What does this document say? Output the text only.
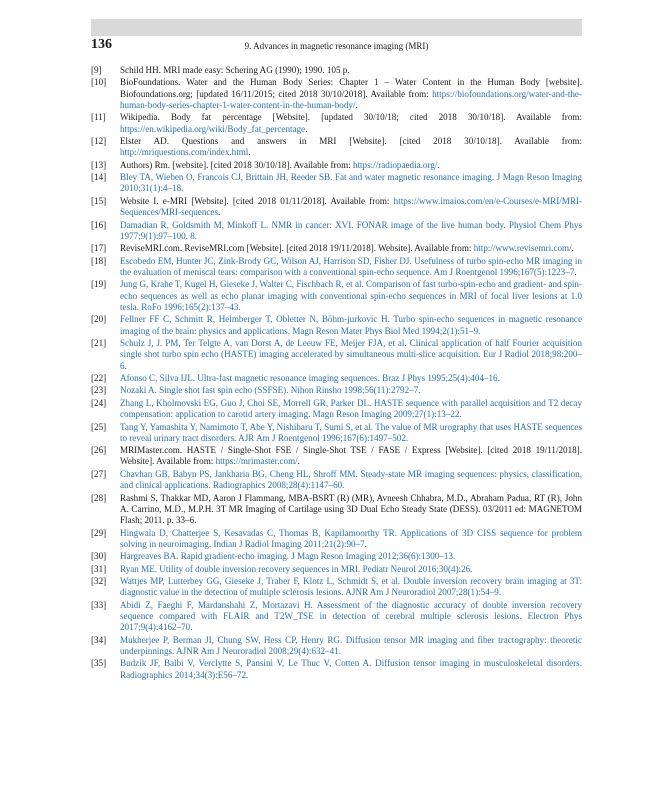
136	9. Advances in magnetic resonance imaging (MRI)
[9]	Schild HH. MRI made easy: Schering AG (1990); 1990. 105 p.
[10]	BioFoundations. Water and the Human Body Series: Chapter 1 – Water Content in the Human Body [website]. Biofoundations.org; [updated 16/11/2015; cited 2018 30/10/2018]. Available from: https://biofoundations.org/water-and-the-human-body-series-chapter-1-water-content-in-the-human-body/.
[11]	Wikipedia. Body fat percentage [Website]. [updated 30/10/18; cited 2018 30/10/18]. Available from: https://en.wikipedia.org/wiki/Body_fat_percentage.
[12]	Elster AD. Questions and answers in MRI [Website]. [cited 2018 30/10/18]. Available from: http://mriquestions.com/index.html.
[13]	Authors) Rm. [website]. [cited 2018 30/10/18]. Available from: https://radiopaedia.org/.
[14]	Bley TA, Wieben O, Francois CJ, Brittain JH, Reeder SB. Fat and water magnetic resonance imaging. J Magn Reson Imaging 2010;31(1):4–18.
[15]	Website I. e-MRI [Website]. [cited 2018 01/11/2018]. Available from: https://www.imaios.com/en/e-Courses/e-MRI/MRI-Sequences/MRI-sequences.
[16]	Damadian R, Goldsmith M, Minkoff L. NMR in cancer: XVI. FONAR image of the live human body. Physiol Chem Phys 1977;9(1):97–100. 8.
[17]	ReviseMRI.com. ReviseMRI.com [Website]. [cited 2018 19/11/2018]. Website]. Available from: http://www.revisemri.com/.
[18]	Escobedo EM, Hunter JC, Zink-Brody GC, Wilson AJ, Harrison SD, Fisher DJ. Usefulness of turbo spin-echo MR imaging in the evaluation of meniscal tears: comparison with a conventional spin-echo sequence. Am J Roentgenol 1996;167(5):1223–7.
[19]	Jung G, Krahe T, Kugel H, Gieseke J, Walter C, Fischbach R, et al. Comparison of fast turbo-spin-echo and gradient- and spin-echo sequences as well as echo planar imaging with conventional spin-echo sequences in MRI of focal liver lesions at 1.0 tesla. RoFo 1996;165(2):137–43.
[20]	Fellner FF C, Schmitt R, Helmberger T, Obletter N, Böhm-jurkovic H. Turbo spin-echo sequences in magnetic resonance imaging of the brain: physics and applications. Magn Reson Mater Phys Biol Med 1994;2(1):51–9.
[21]	Schulz J, J. PM, Ter Telgte A, van Dorst A, de Leeuw FE, Meijer FJA, et al. Clinical application of half Fourier acquisition single shot turbo spin echo (HASTE) imaging accelerated by simultaneous multi-slice acquisition. Eur J Radiol 2018;98:200–6.
[22]	Afonso C, Silva IJL. Ultra-fast magnetic resonance imaging sequences. Braz J Phys 1995;25(4):404–16.
[23]	Nozaki A. Single shot fast spin echo (SSFSE). Nihon Rinsho 1998;56(11):2792–7.
[24]	Zhang L, Kholmovski EG, Guo J, Choi SE, Morrell GR, Parker DL. HASTE sequence with parallel acquisition and T2 decay compensation: application to carotid artery imaging. Magn Reson Imaging 2009;27(1):13–22.
[25]	Tang Y, Yamashita Y, Namimoto T, Abe Y, Nishiharu T, Sumi S, et al. The value of MR urography that uses HASTE sequences to reveal urinary tract disorders. AJR Am J Roentgenol 1996;167(6):1497–502.
[26]	MRIMaster.com. HASTE / Single-Shot FSE / Single-Shot TSE / FASE / Express [Website]. [cited 2018 19/11/2018]. Website]. Available from: https://mrimaster.com/.
[27]	Chavhan GB, Babyn PS, Jankharia BG, Cheng HL, Shroff MM. Steady-state MR imaging sequences: physics, classification, and clinical applications. Radiographics 2008;28(4):1147–60.
[28]	Rashmi S, Thakkar MD, Aaron J Flammang, MBA-BSRT (R) (MR), Avneesh Chhabra, M.D., Abraham Padua, RT (R), John A. Carrino, M.D., M.P.H. 3T MR Imaging of Cartilage using 3D Dual Echo Steady State (DESS). 03/2011 ed: MAGNETOM Flash; 2011. p. 33–6.
[29]	Hingwala D, Chatterjee S, Kesavadas C, Thomas B, Kapilamoorthy TR. Applications of 3D CISS sequence for problem solving in neuroimaging. Indian J Radiol Imaging 2011;21(2):90–7.
[30]	Hargreaves BA. Rapid gradient-echo imaging. J Magn Reson Imaging 2012;36(6):1300–13.
[31]	Ryan ME. Utility of double inversion recovery sequences in MRI. Pediatr Neurol 2016;30(4):26.
[32]	Wattjes MP, Lutterbey GG, Gieseke J, Traber F, Klotz L, Schmidt S, et al. Double inversion recovery brain imaging at 3T: diagnostic value in the detection of multiple sclerosis lesions. AJNR Am J Neuroradiol 2007;28(1):54–9.
[33]	Abidi Z, Faeghi F, Mardanshahi Z, Mortazavi H. Assessment of the diagnostic accuracy of double inversion recovery sequence compared with FLAIR and T2W_TSE in detection of cerebral multiple sclerosis lesions. Electron Phys 2017;9(4):4162–70.
[34]	Mukherjee P, Berman JI, Chung SW, Hess CP, Henry RG. Diffusion tensor MR imaging and fiber tractography: theoretic underpinnings. AJNR Am J Neuroradiol 2008;29(4):632–41.
[35]	Budzik JF, Balbi V, Verclytte S, Pansini V, Le Thuc V, Cotten A. Diffusion tensor imaging in musculoskeletal disorders. Radiographics 2014;34(3):E56–72.
